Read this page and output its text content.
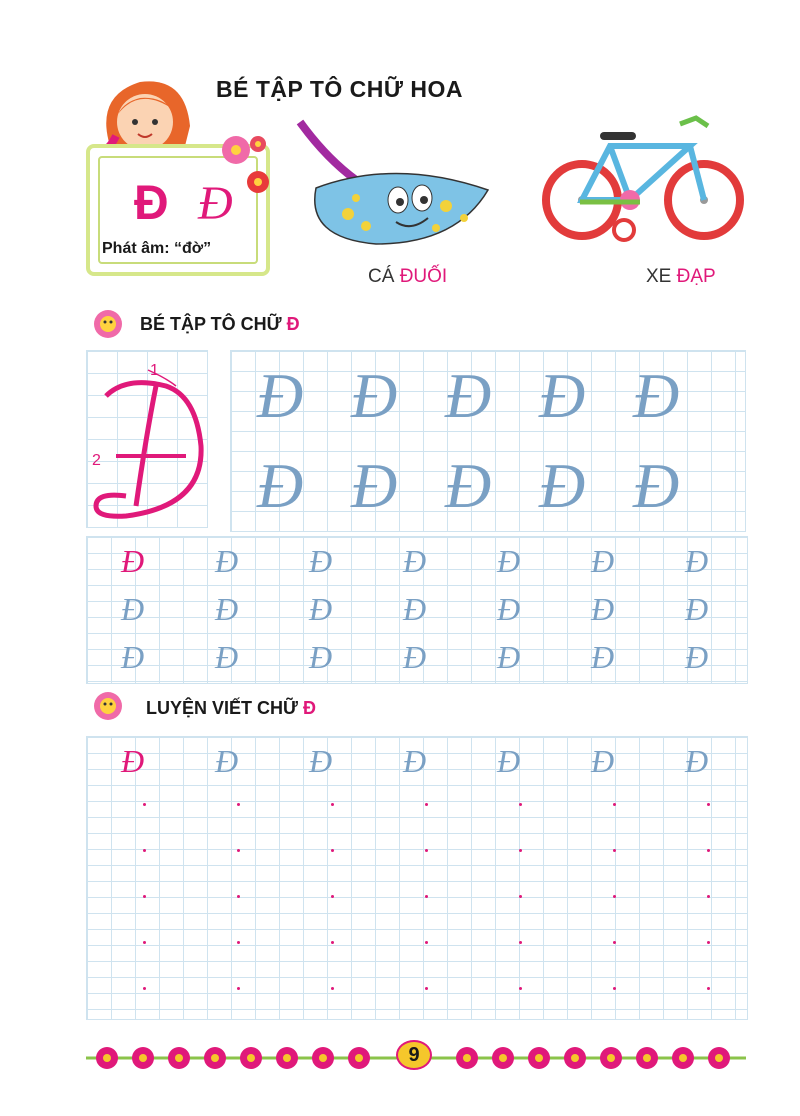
BÉ TẬP TÔ CHỮ HOA
Đ Đ
Phát âm: “đờ”
CÁ ĐUỐI	XE ĐẠP
BÉ TẬP TÔ CHỮ Đ
1
2
Đ Đ Đ Đ Đ
Đ Đ Đ Đ Đ
Đ Đ Đ Đ Đ Đ Đ
Đ Đ Đ Đ Đ Đ Đ
Đ Đ Đ Đ Đ Đ Đ
LUYỆN VIẾT CHỮ Đ
Đ Đ Đ Đ Đ Đ Đ
9
